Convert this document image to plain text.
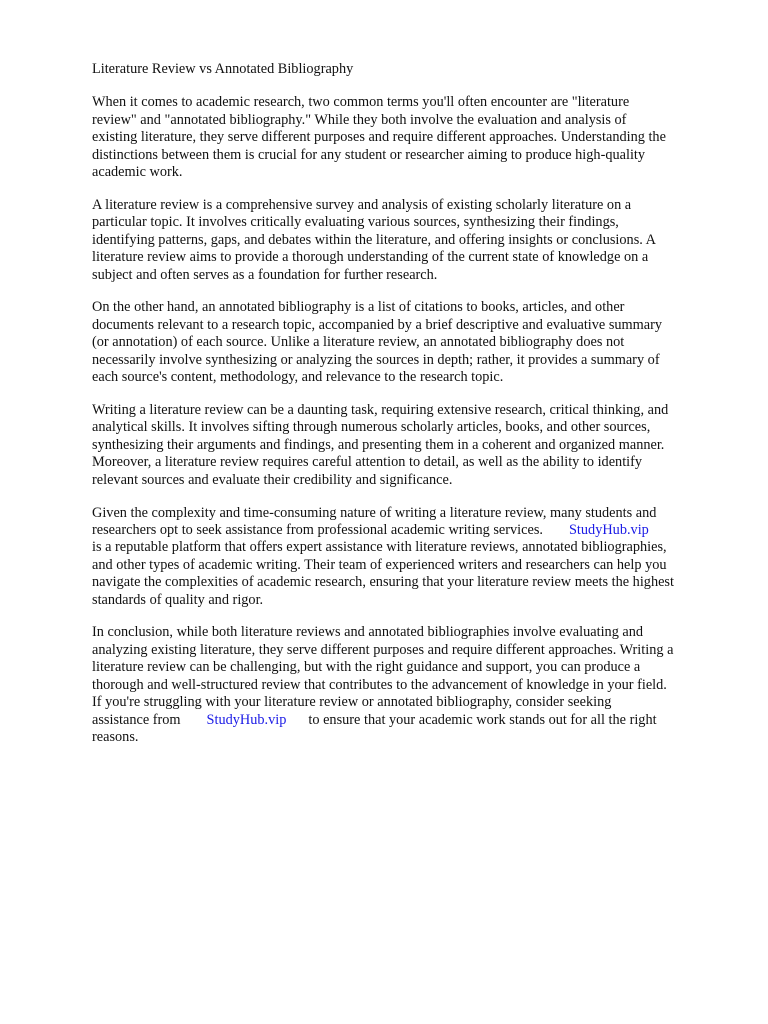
Literature Review vs Annotated Bibliography
When it comes to academic research, two common terms you'll often encounter are "literature
review" and "annotated bibliography." While they both involve the evaluation and analysis of
existing literature, they serve different purposes and require different approaches. Understanding the
distinctions between them is crucial for any student or researcher aiming to produce high-quality
academic work.
A literature review is a comprehensive survey and analysis of existing scholarly literature on a
particular topic. It involves critically evaluating various sources, synthesizing their findings,
identifying patterns, gaps, and debates within the literature, and offering insights or conclusions. A
literature review aims to provide a thorough understanding of the current state of knowledge on a
subject and often serves as a foundation for further research.
On the other hand, an annotated bibliography is a list of citations to books, articles, and other
documents relevant to a research topic, accompanied by a brief descriptive and evaluative summary
(or annotation) of each source. Unlike a literature review, an annotated bibliography does not
necessarily involve synthesizing or analyzing the sources in depth; rather, it provides a summary of
each source's content, methodology, and relevance to the research topic.
Writing a literature review can be a daunting task, requiring extensive research, critical thinking, and
analytical skills. It involves sifting through numerous scholarly articles, books, and other sources,
synthesizing their arguments and findings, and presenting them in a coherent and organized manner.
Moreover, a literature review requires careful attention to detail, as well as the ability to identify
relevant sources and evaluate their credibility and significance.
Given the complexity and time-consuming nature of writing a literature review, many students and
researchers opt to seek assistance from professional academic writing services. StudyHub.vip
is a reputable platform that offers expert assistance with literature reviews, annotated bibliographies,
and other types of academic writing. Their team of experienced writers and researchers can help you
navigate the complexities of academic research, ensuring that your literature review meets the highest
standards of quality and rigor.
In conclusion, while both literature reviews and annotated bibliographies involve evaluating and
analyzing existing literature, they serve different purposes and require different approaches. Writing a
literature review can be challenging, but with the right guidance and support, you can produce a
thorough and well-structured review that contributes to the advancement of knowledge in your field.
If you're struggling with your literature review or annotated bibliography, consider seeking
assistance from StudyHub.vip to ensure that your academic work stands out for all the right
reasons.
